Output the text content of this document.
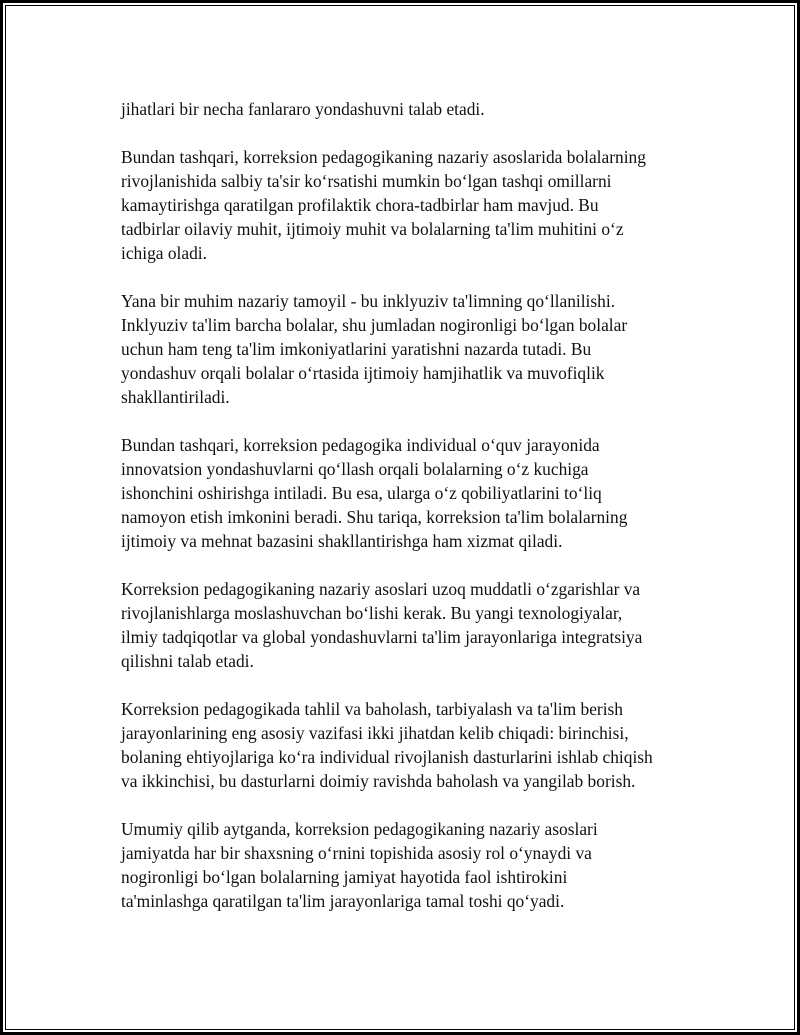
jihatlari bir necha fanlararo yondashuvni talab etadi.

Bundan tashqari, korreksion pedagogikaning nazariy asoslarida bolalarning
rivojlanishida salbiy ta'sir ko‘rsatishi mumkin bo‘lgan tashqi omillarni
kamaytirishga qaratilgan profilaktik chora-tadbirlar ham mavjud. Bu
tadbirlar oilaviy muhit, ijtimoiy muhit va bolalarning ta'lim muhitini o‘z
ichiga oladi.

Yana bir muhim nazariy tamoyil - bu inklyuziv ta'limning qo‘llanilishi.
Inklyuziv ta'lim barcha bolalar, shu jumladan nogironligi bo‘lgan bolalar
uchun ham teng ta'lim imkoniyatlarini yaratishni nazarda tutadi. Bu
yondashuv orqali bolalar o‘rtasida ijtimoiy hamjihatlik va muvofiqlik
shakllantiriladi.

Bundan tashqari, korreksion pedagogika individual o‘quv jarayonida
innovatsion yondashuvlarni qo‘llash orqali bolalarning o‘z kuchiga
ishonchini oshirishga intiladi. Bu esa, ularga o‘z qobiliyatlarini to‘liq
namoyon etish imkonini beradi. Shu tariqa, korreksion ta'lim bolalarning
ijtimoiy va mehnat bazasini shakllantirishga ham xizmat qiladi.

Korreksion pedagogikaning nazariy asoslari uzoq muddatli o‘zgarishlar va
rivojlanishlarga moslashuvchan bo‘lishi kerak. Bu yangi texnologiyalar,
ilmiy tadqiqotlar va global yondashuvlarni ta'lim jarayonlariga integratsiya
qilishni talab etadi.

Korreksion pedagogikada tahlil va baholash, tarbiyalash va ta'lim berish
jarayonlarining eng asosiy vazifasi ikki jihatdan kelib chiqadi: birinchisi,
bolaning ehtiyojlariga ko‘ra individual rivojlanish dasturlarini ishlab chiqish
va ikkinchisi, bu dasturlarni doimiy ravishda baholash va yangilab borish.

Umumiy qilib aytganda, korreksion pedagogikaning nazariy asoslari
jamiyatda har bir shaxsning o‘rnini topishida asosiy rol o‘ynaydi va
nogironligi bo‘lgan bolalarning jamiyat hayotida faol ishtirokini
ta'minlashga qaratilgan ta'lim jarayonlariga tamal toshi qo‘yadi.
